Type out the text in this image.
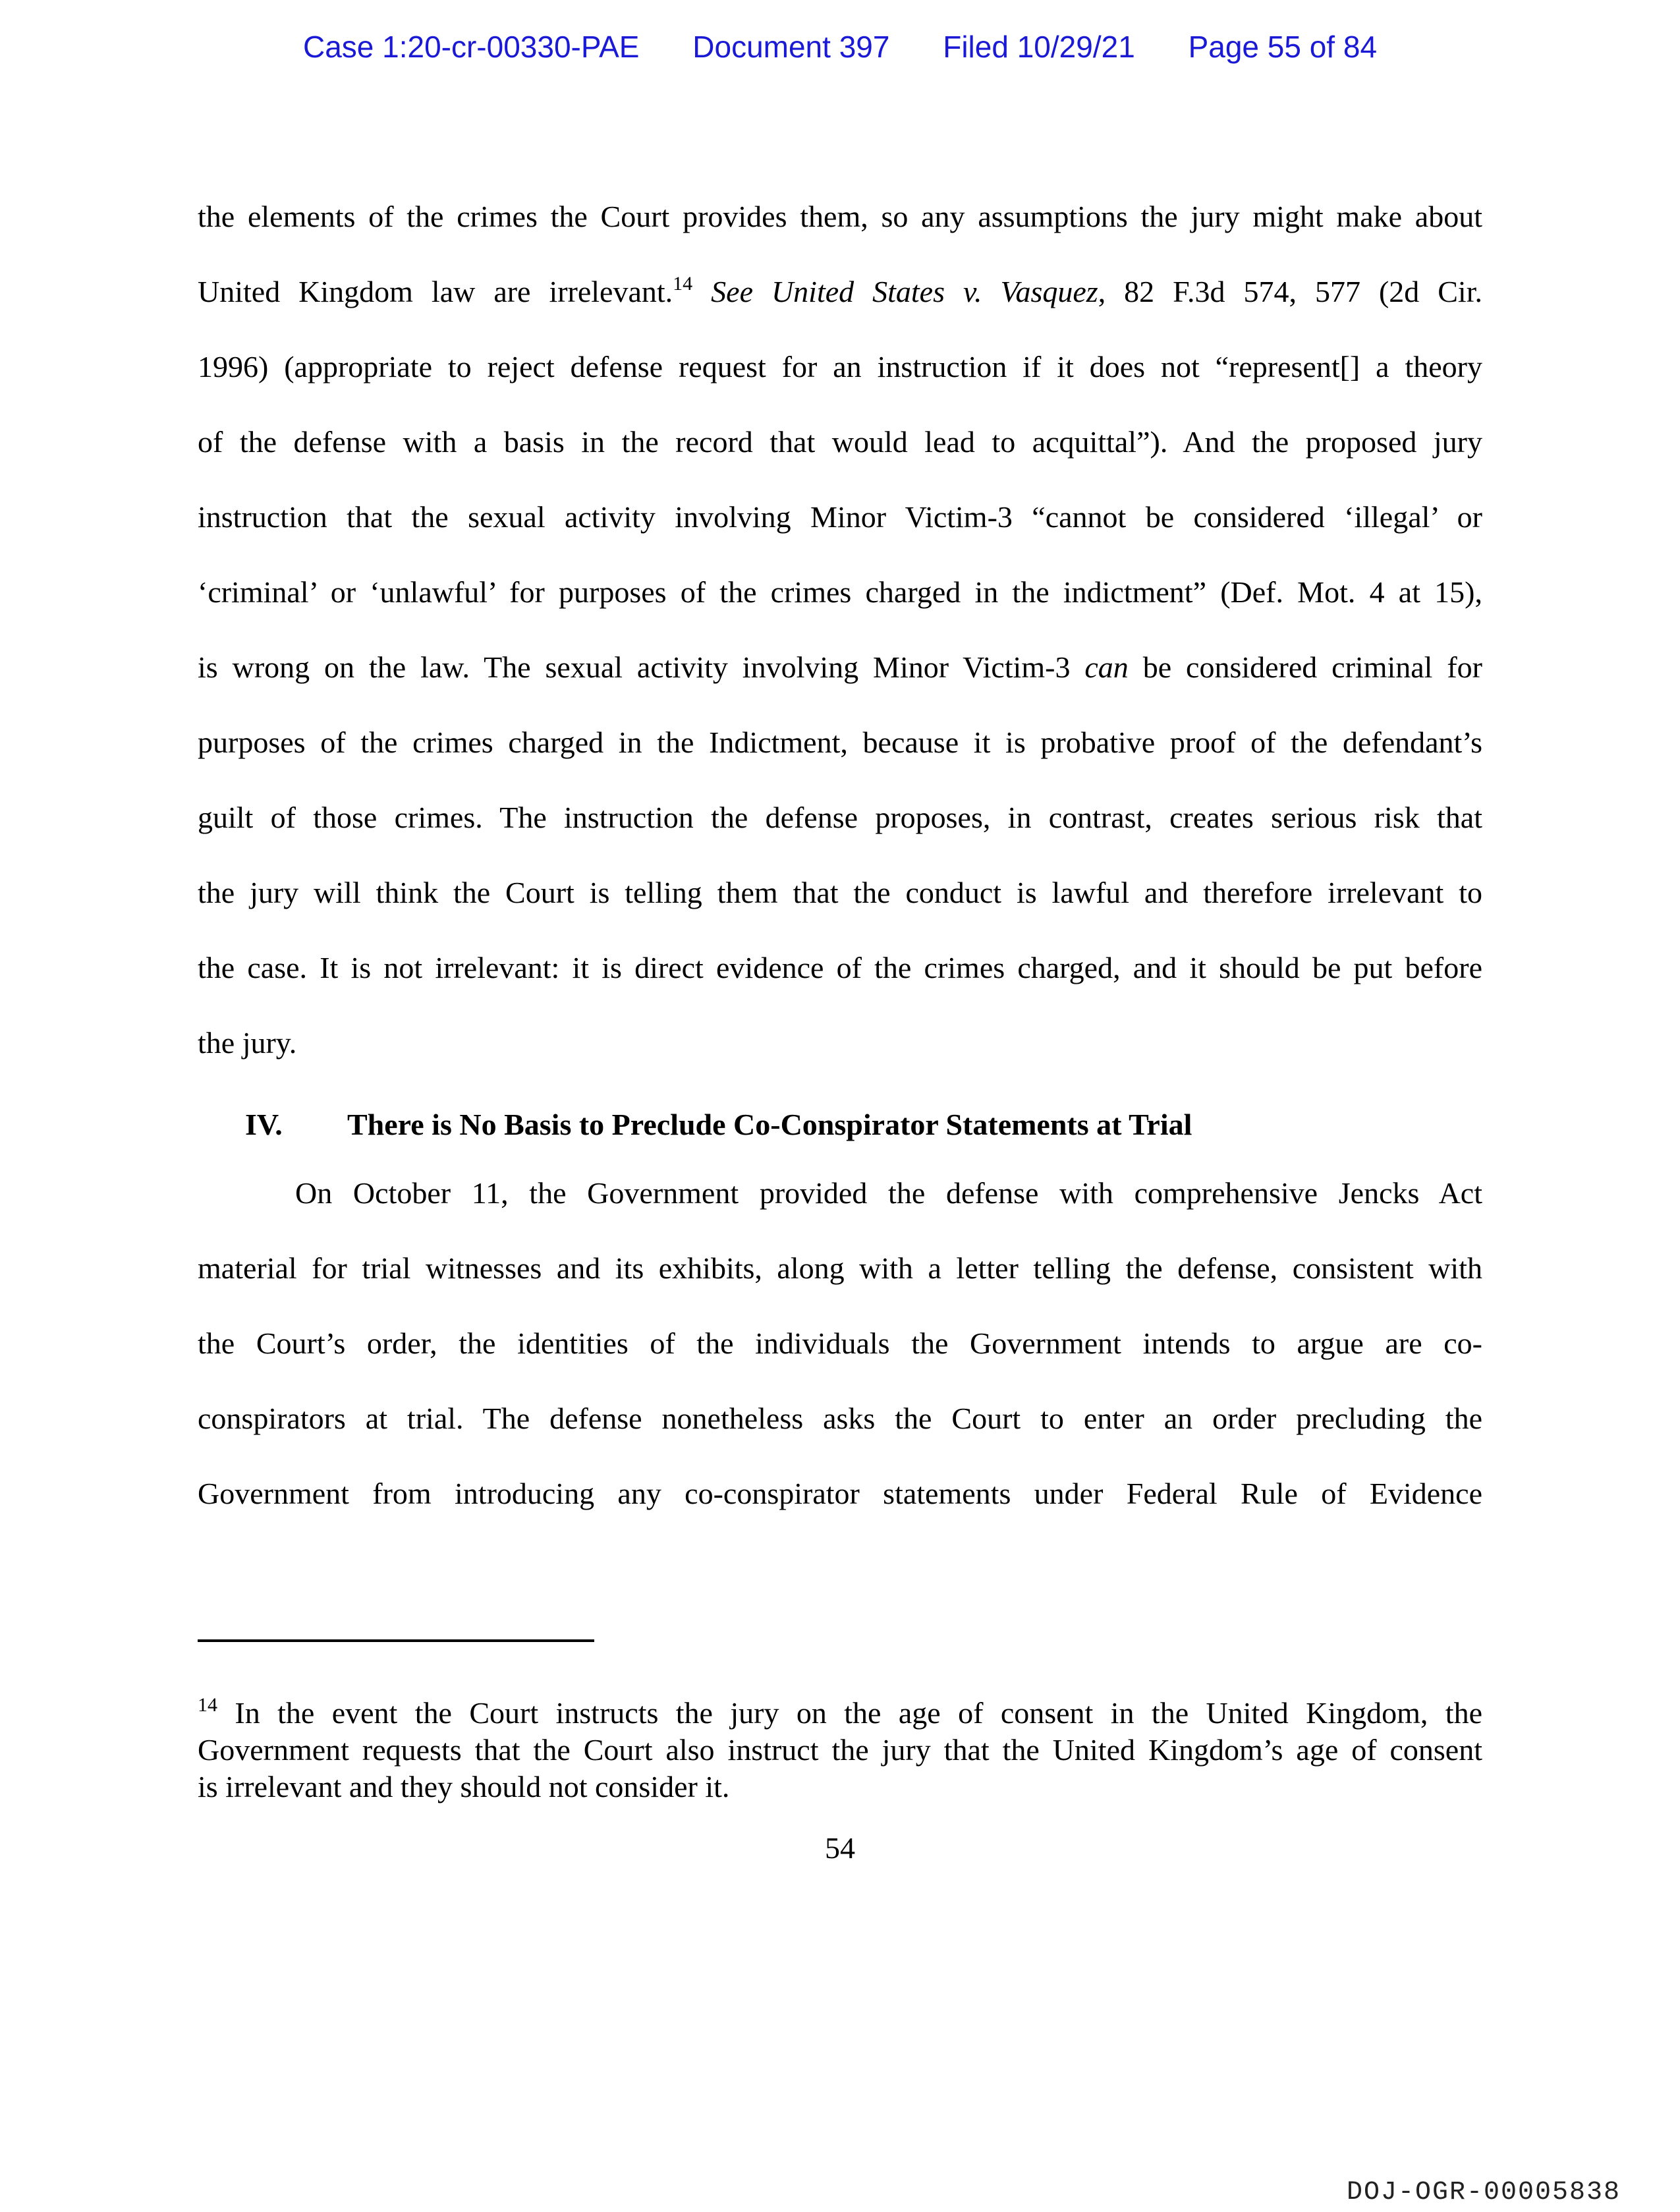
Case 1:20-cr-00330-PAE Document 397 Filed 10/29/21 Page 55 of 84
the elements of the crimes the Court provides them, so any assumptions the jury might make about
United Kingdom law are irrelevant.$^{14}$ See United States v. Vasquez, 82 F.3d 574, 577 (2d Cir.
1996) (appropriate to reject defense request for an instruction if it does not “represent[] a theory
of the defense with a basis in the record that would lead to acquittal”). And the proposed jury
instruction that the sexual activity involving Minor Victim-3 “cannot be considered ‘illegal’ or
‘criminal’ or ‘unlawful’ for purposes of the crimes charged in the indictment” (Def. Mot. 4 at 15),
is wrong on the law. The sexual activity involving Minor Victim-3 can be considered criminal for
purposes of the crimes charged in the Indictment, because it is probative proof of the defendant’s
guilt of those crimes. The instruction the defense proposes, in contrast, creates serious risk that
the jury will think the Court is telling them that the conduct is lawful and therefore irrelevant to
the case. It is not irrelevant: it is direct evidence of the crimes charged, and it should be put before
the jury.
On October 11, the Government provided the defense with comprehensive Jencks Act
material for trial witnesses and its exhibits, along with a letter telling the defense, consistent with
the Court’s order, the identities of the individuals the Government intends to argue are co-
conspirators at trial. The defense nonetheless asks the Court to enter an order precluding the
Government from introducing any co-conspirator statements under Federal Rule of Evidence
IV. There is No Basis to Preclude Co-Conspirator Statements at Trial
$^{14}$ In the event the Court instructs the jury on the age of consent in the United Kingdom, the
Government requests that the Court also instruct the jury that the United Kingdom’s age of consent
is irrelevant and they should not consider it.
54
DOJ-OGR-00005838
